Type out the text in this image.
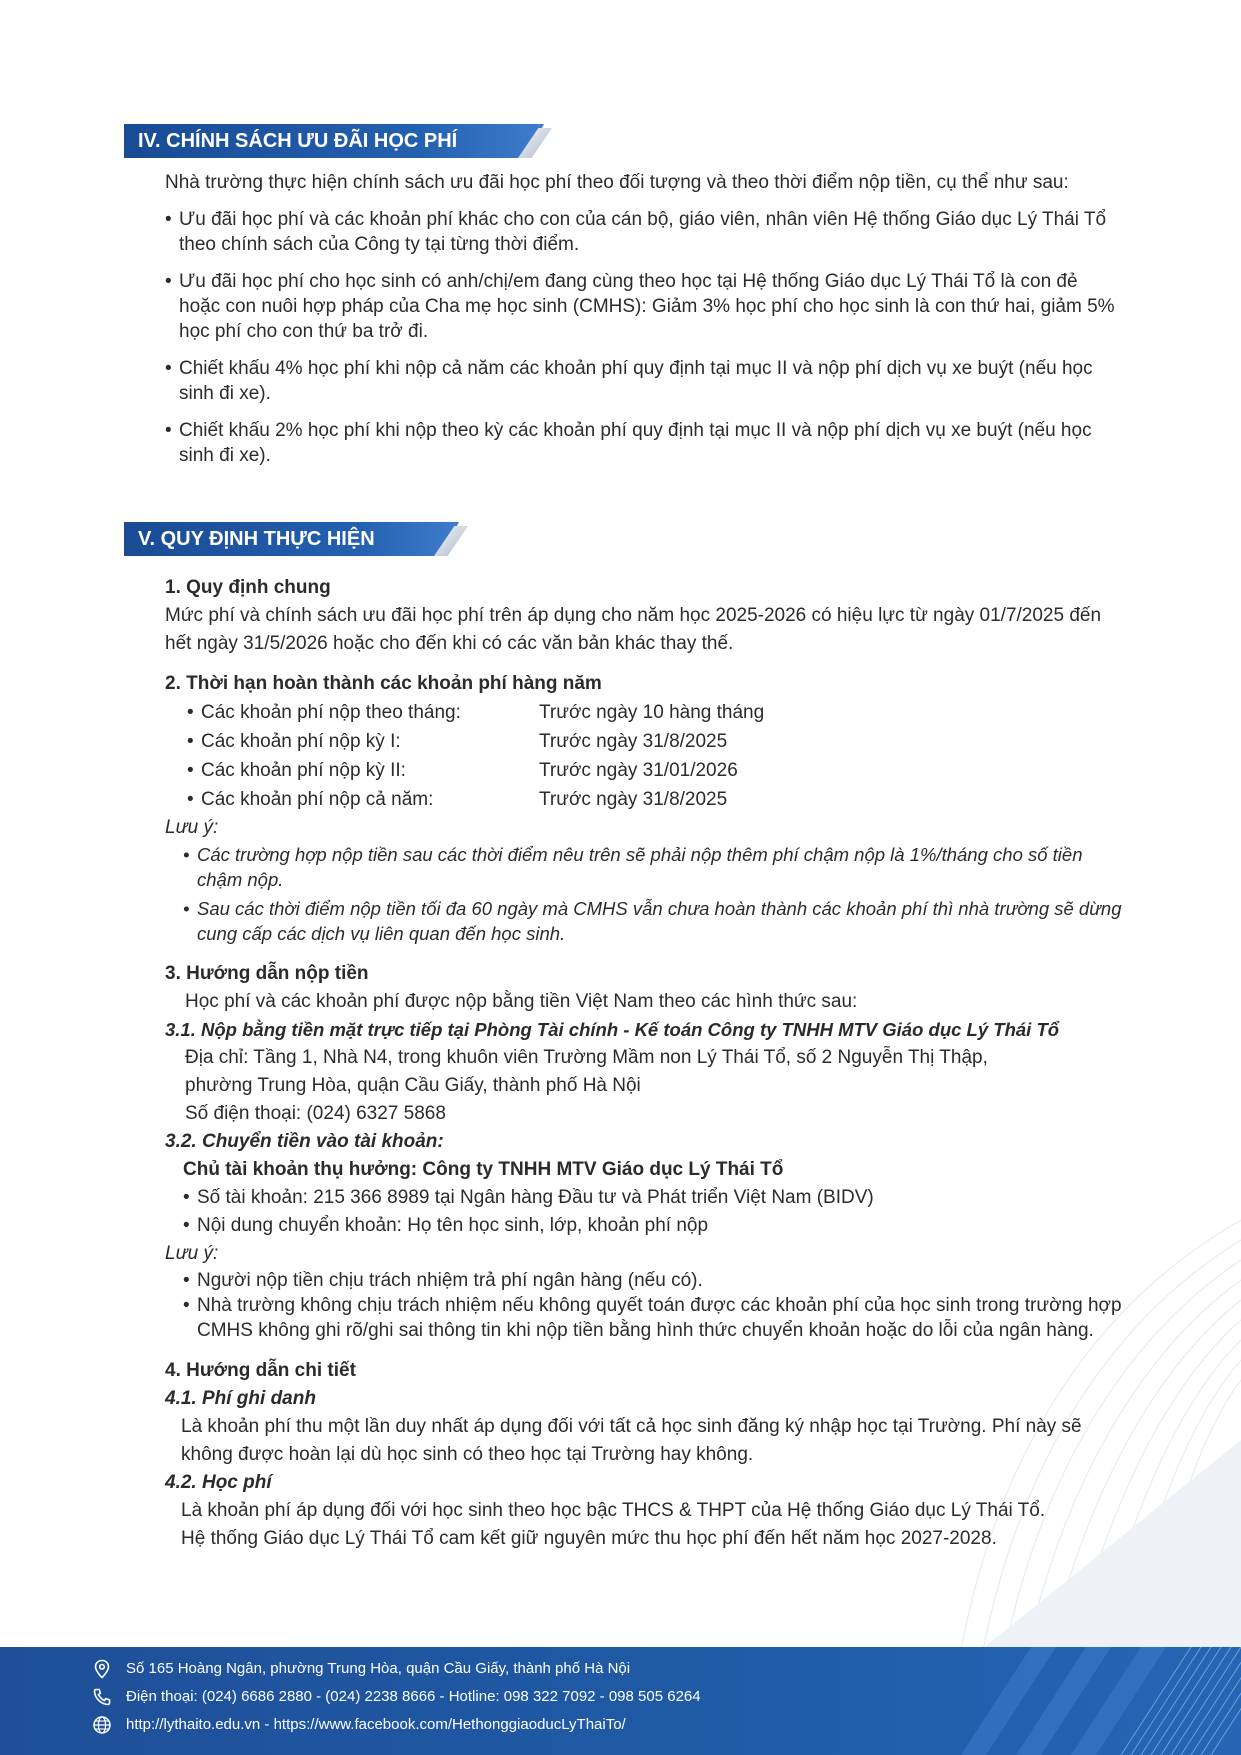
IV. CHÍNH SÁCH ƯU ĐÃI HỌC PHÍ

Nhà trường thực hiện chính sách ưu đãi học phí theo đối tượng và theo thời điểm nộp tiền, cụ thể như sau:

• Ưu đãi học phí và các khoản phí khác cho con của cán bộ, giáo viên, nhân viên Hệ thống Giáo dục Lý Thái Tổ theo chính sách của Công ty tại từng thời điểm.

• Ưu đãi học phí cho học sinh có anh/chị/em đang cùng theo học tại Hệ thống Giáo dục Lý Thái Tổ là con đẻ hoặc con nuôi hợp pháp của Cha mẹ học sinh (CMHS): Giảm 3% học phí cho học sinh là con thứ hai, giảm 5% học phí cho con thứ ba trở đi.

• Chiết khấu 4% học phí khi nộp cả năm các khoản phí quy định tại mục II và nộp phí dịch vụ xe buýt (nếu học sinh đi xe).

• Chiết khấu 2% học phí khi nộp theo kỳ các khoản phí quy định tại mục II và nộp phí dịch vụ xe buýt (nếu học sinh đi xe).

V. QUY ĐỊNH THỰC HIỆN

1. Quy định chung

Mức phí và chính sách ưu đãi học phí trên áp dụng cho năm học 2025-2026 có hiệu lực từ ngày 01/7/2025 đến hết ngày 31/5/2026 hoặc cho đến khi có các văn bản khác thay thế.

2. Thời hạn hoàn thành các khoản phí hàng năm

• Các khoản phí nộp theo tháng:	Trước ngày 10 hàng tháng
• Các khoản phí nộp kỳ I:	Trước ngày 31/8/2025
• Các khoản phí nộp kỳ II:	Trước ngày 31/01/2026
• Các khoản phí nộp cả năm:	Trước ngày 31/8/2025

Lưu ý:

• Các trường hợp nộp tiền sau các thời điểm nêu trên sẽ phải nộp thêm phí chậm nộp là 1%/tháng cho số tiền chậm nộp.

• Sau các thời điểm nộp tiền tối đa 60 ngày mà CMHS vẫn chưa hoàn thành các khoản phí thì nhà trường sẽ dừng cung cấp các dịch vụ liên quan đến học sinh.

3. Hướng dẫn nộp tiền

Học phí và các khoản phí được nộp bằng tiền Việt Nam theo các hình thức sau:

3.1. Nộp bằng tiền mặt trực tiếp tại Phòng Tài chính - Kế toán Công ty TNHH MTV Giáo dục Lý Thái Tổ

Địa chỉ: Tầng 1, Nhà N4, trong khuôn viên Trường Mầm non Lý Thái Tổ, số 2 Nguyễn Thị Thập,

phường Trung Hòa, quận Cầu Giấy, thành phố Hà Nội

Số điện thoại: (024) 6327 5868

3.2. Chuyển tiền vào tài khoản:

Chủ tài khoản thụ hưởng: Công ty TNHH MTV Giáo dục Lý Thái Tổ

• Số tài khoản: 215 366 8989 tại Ngân hàng Đầu tư và Phát triển Việt Nam (BIDV)

• Nội dung chuyển khoản: Họ tên học sinh, lớp, khoản phí nộp

Lưu ý:

• Người nộp tiền chịu trách nhiệm trả phí ngân hàng (nếu có).

• Nhà trường không chịu trách nhiệm nếu không quyết toán được các khoản phí của học sinh trong trường hợp CMHS không ghi rõ/ghi sai thông tin khi nộp tiền bằng hình thức chuyển khoản hoặc do lỗi của ngân hàng.

4. Hướng dẫn chi tiết

4.1. Phí ghi danh

Là khoản phí thu một lần duy nhất áp dụng đối với tất cả học sinh đăng ký nhập học tại Trường. Phí này sẽ không được hoàn lại dù học sinh có theo học tại Trường hay không.

4.2. Học phí

Là khoản phí áp dụng đối với học sinh theo học bậc THCS & THPT của Hệ thống Giáo dục Lý Thái Tổ.

Hệ thống Giáo dục Lý Thái Tổ cam kết giữ nguyên mức thu học phí đến hết năm học 2027-2028.

Số 165 Hoàng Ngân, phường Trung Hòa, quận Cầu Giấy, thành phố Hà Nội
Điện thoại: (024) 6686 2880 - (024) 2238 8666 - Hotline: 098 322 7092 - 098 505 6264
http://lythaito.edu.vn - https://www.facebook.com/HethonggiaoducLyThaiTo/
